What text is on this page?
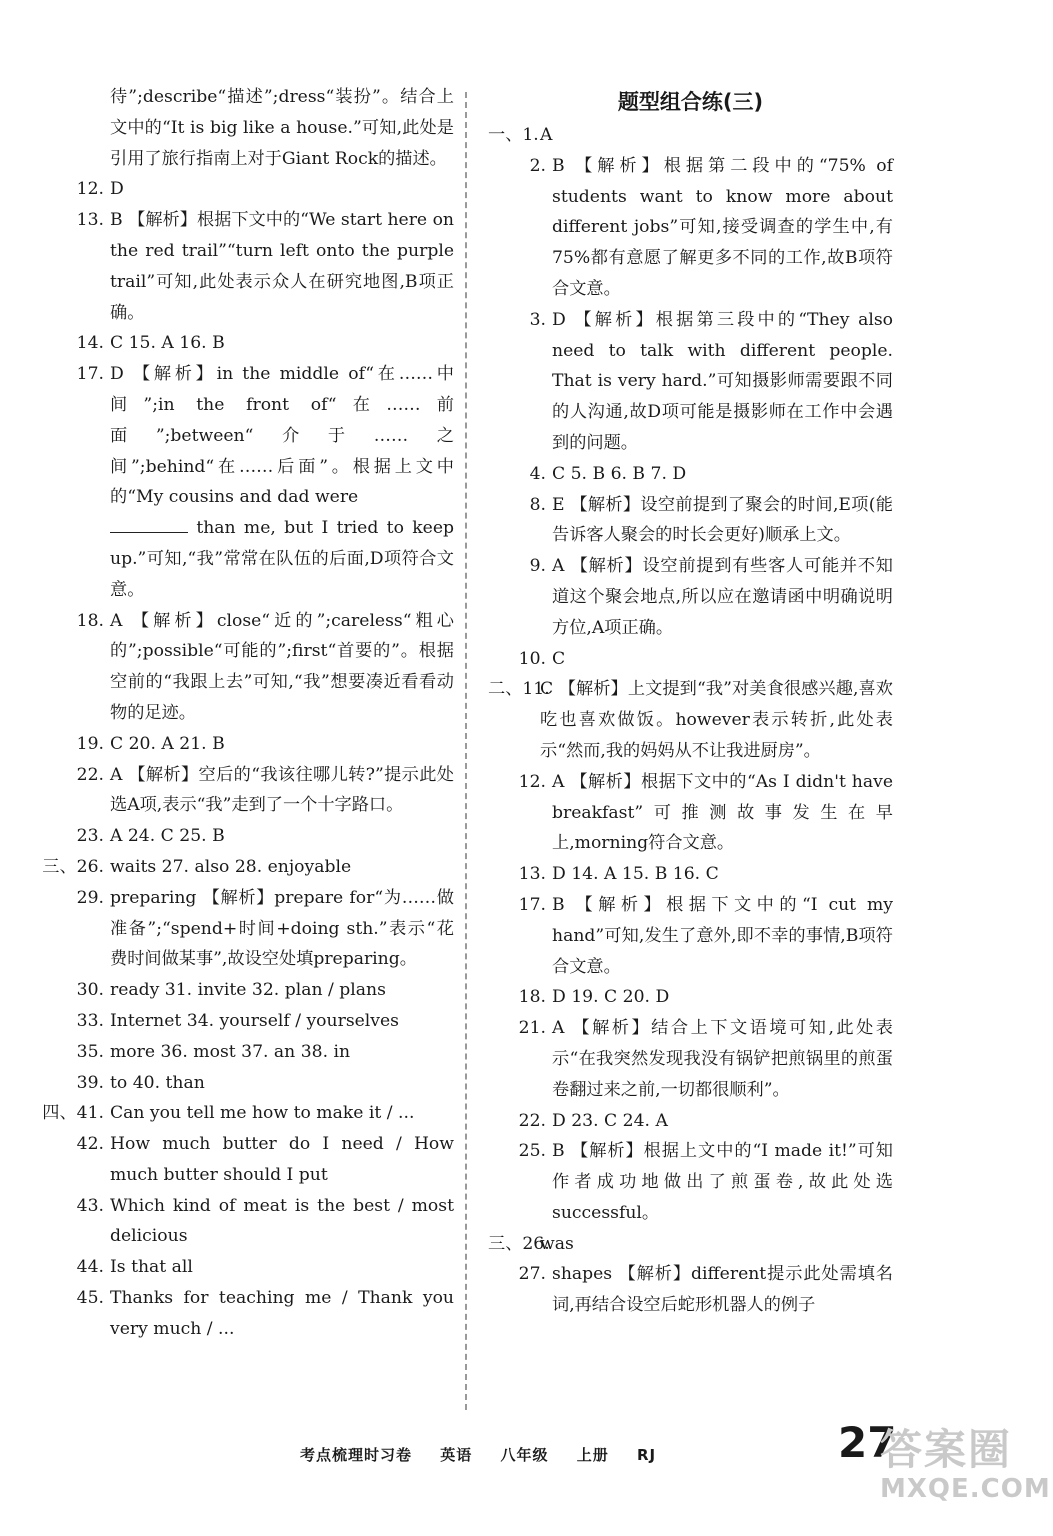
待”;describe“描述”;dress“装扮”。结合上文中的“It is big like a house.”可知,此处是引用了旅行指南上对于Giant Rock的描述。
12. D
13. B 【解析】根据下文中的“We start here on the red trail”“turn left onto the purple trail”可知,此处表示众人在研究地图,B项正确。
14. C 15. A 16. B
17. D 【解析】in the middle of“在……中间”;in the front of“在……前面”;between“介于……之间”;behind“在……后面”。根据上文中的“My cousins and dad were
than me, but I tried to keep up.”可知,“我”常常在队伍的后面,D项符合文意。
18. A 【解析】close“近的”;careless“粗心的”;possible“可能的”;first“首要的”。根据空前的“我跟上去”可知,“我”想要凑近看看动物的足迹。
19. C 20. A 21. B
22. A 【解析】空后的“我该往哪儿转?”提示此处选A项,表示“我”走到了一个十字路口。
23. A 24. C 25. B
三、26. waits 27. also 28. enjoyable
29. preparing 【解析】prepare for“为……做准备”;“spend+时间+doing sth.”表示“花费时间做某事”,故设空处填preparing。
30. ready 31. invite 32. plan / plans
33. Internet 34. yourself / yourselves
35. more 36. most 37. an 38. in
39. to 40. than
四、41. Can you tell me how to make it / ...
42. How much butter do I need / How much butter should I put
43. Which kind of meat is the best / most delicious
44. Is that all
45. Thanks for teaching me / Thank you very much / ...
题型组合练(三)
一、1. A
2. B 【解析】根据第二段中的“75% of students want to know more about different jobs”可知,接受调查的学生中,有75%都有意愿了解更多不同的工作,故B项符合文意。
3. D 【解析】根据第三段中的“They also need to talk with different people. That is very hard.”可知摄影师需要跟不同的人沟通,故D项可能是摄影师在工作中会遇到的问题。
4. C 5. B 6. B 7. D
8. E 【解析】设空前提到了聚会的时间,E项(能告诉客人聚会的时长会更好)顺承上文。
9. A 【解析】设空前提到有些客人可能并不知道这个聚会地点,所以应在邀请函中明确说明方位,A项正确。
10. C
二、11.
C 【解析】上文提到“我”对美食很感兴趣,喜欢吃也喜欢做饭。however表示转折,此处表示“然而,我的妈妈从不让我进厨房”。
12. A 【解析】根据下文中的“As I didn't have breakfast”可推测故事发生在早上,morning符合文意。
13. D 14. A 15. B 16. C
17. B 【解析】根据下文中的“I cut my hand”可知,发生了意外,即不幸的事情,B项符合文意。
18. D 19. C 20. D
21. A 【解析】结合上下文语境可知,此处表示“在我突然发现我没有锅铲把煎锅里的煎蛋卷翻过来之前,一切都很顺利”。
22. D 23. C 24. A
25. B 【解析】根据上文中的“I made it!”可知作者成功地做出了煎蛋卷,故此处选successful。
三、26.
was
27. shapes 【解析】different提示此处需填名词,再结合设空后蛇形机器人的例子
考点梳理时习卷 英语 八年级 上册 RJ	27
答案圈
MXQE.COM
